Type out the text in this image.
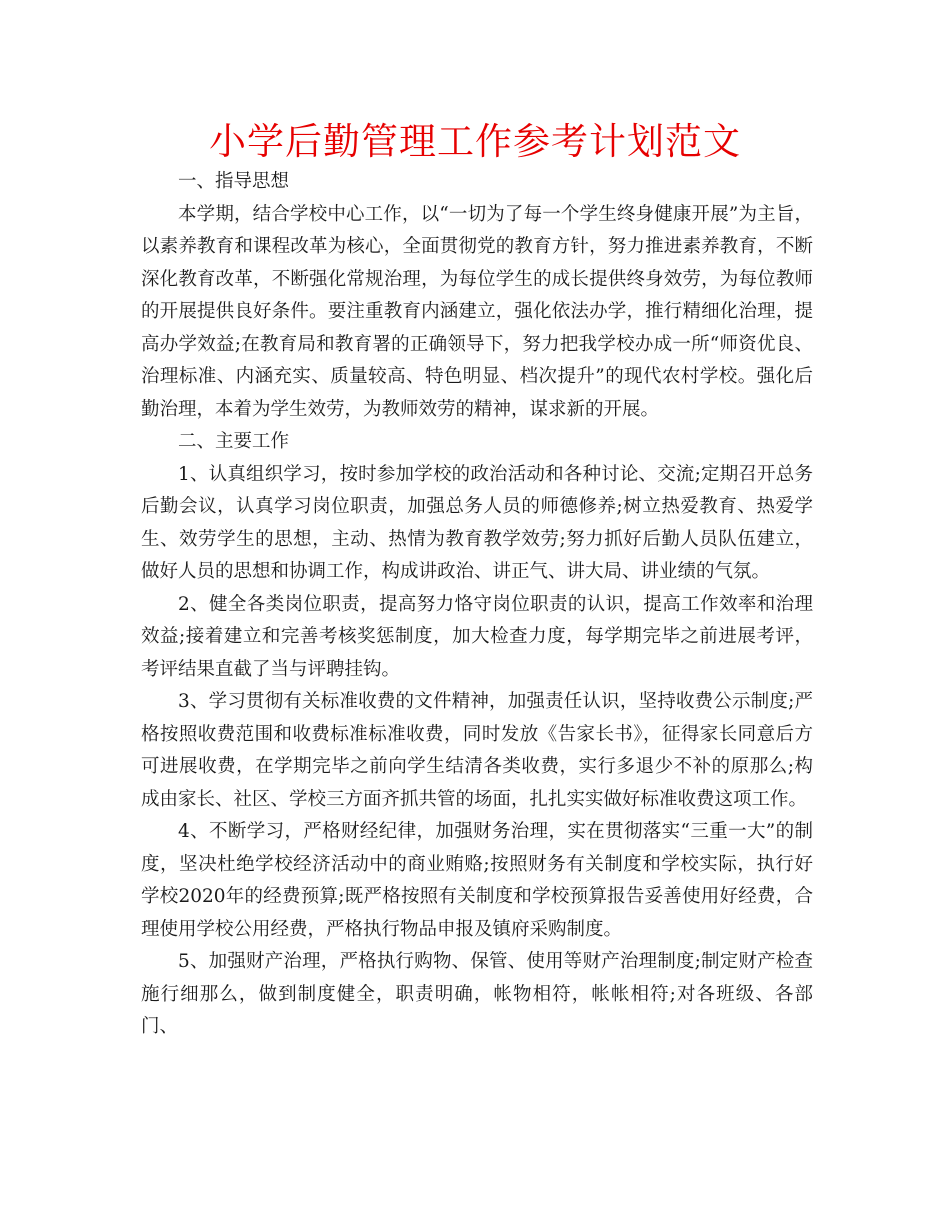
小学后勤管理工作参考计划范文

一、指导思想

本学期，结合学校中心工作，以“一切为了每一个学生终身健康开展”为主旨，以素养教育和课程改革为核心，全面贯彻党的教育方针，努力推进素养教育，不断深化教育改革，不断强化常规治理，为每位学生的成长提供终身效劳，为每位教师的开展提供良好条件。要注重教育内涵建立，强化依法办学，推行精细化治理，提高办学效益;在教育局和教育署的正确领导下，努力把我学校办成一所“师资优良、治理标准、内涵充实、质量较高、特色明显、档次提升”的现代农村学校。强化后勤治理，本着为学生效劳，为教师效劳的精神，谋求新的开展。

二、主要工作

1、认真组织学习，按时参加学校的政治活动和各种讨论、交流;定期召开总务后勤会议，认真学习岗位职责，加强总务人员的师德修养;树立热爱教育、热爱学生、效劳学生的思想，主动、热情为教育教学效劳;努力抓好后勤人员队伍建立，做好人员的思想和协调工作，构成讲政治、讲正气、讲大局、讲业绩的气氛。

2、健全各类岗位职责，提高努力恪守岗位职责的认识，提高工作效率和治理效益;接着建立和完善考核奖惩制度，加大检查力度，每学期完毕之前进展考评，考评结果直截了当与评聘挂钩。

3、学习贯彻有关标准收费的文件精神，加强责任认识，坚持收费公示制度;严格按照收费范围和收费标准标准收费，同时发放《告家长书》，征得家长同意后方可进展收费，在学期完毕之前向学生结清各类收费，实行多退少不补的原那么;构成由家长、社区、学校三方面齐抓共管的场面，扎扎实实做好标准收费这项工作。

4、不断学习，严格财经纪律，加强财务治理，实在贯彻落实“三重一大”的制度，坚决杜绝学校经济活动中的商业贿赂;按照财务有关制度和学校实际，执行好学校2020年的经费预算;既严格按照有关制度和学校预算报告妥善使用好经费，合理使用学校公用经费，严格执行物品申报及镇府采购制度。

5、加强财产治理，严格执行购物、保管、使用等财产治理制度;制定财产检查施行细那么，做到制度健全，职责明确，帐物相符，帐帐相符;对各班级、各部门、
